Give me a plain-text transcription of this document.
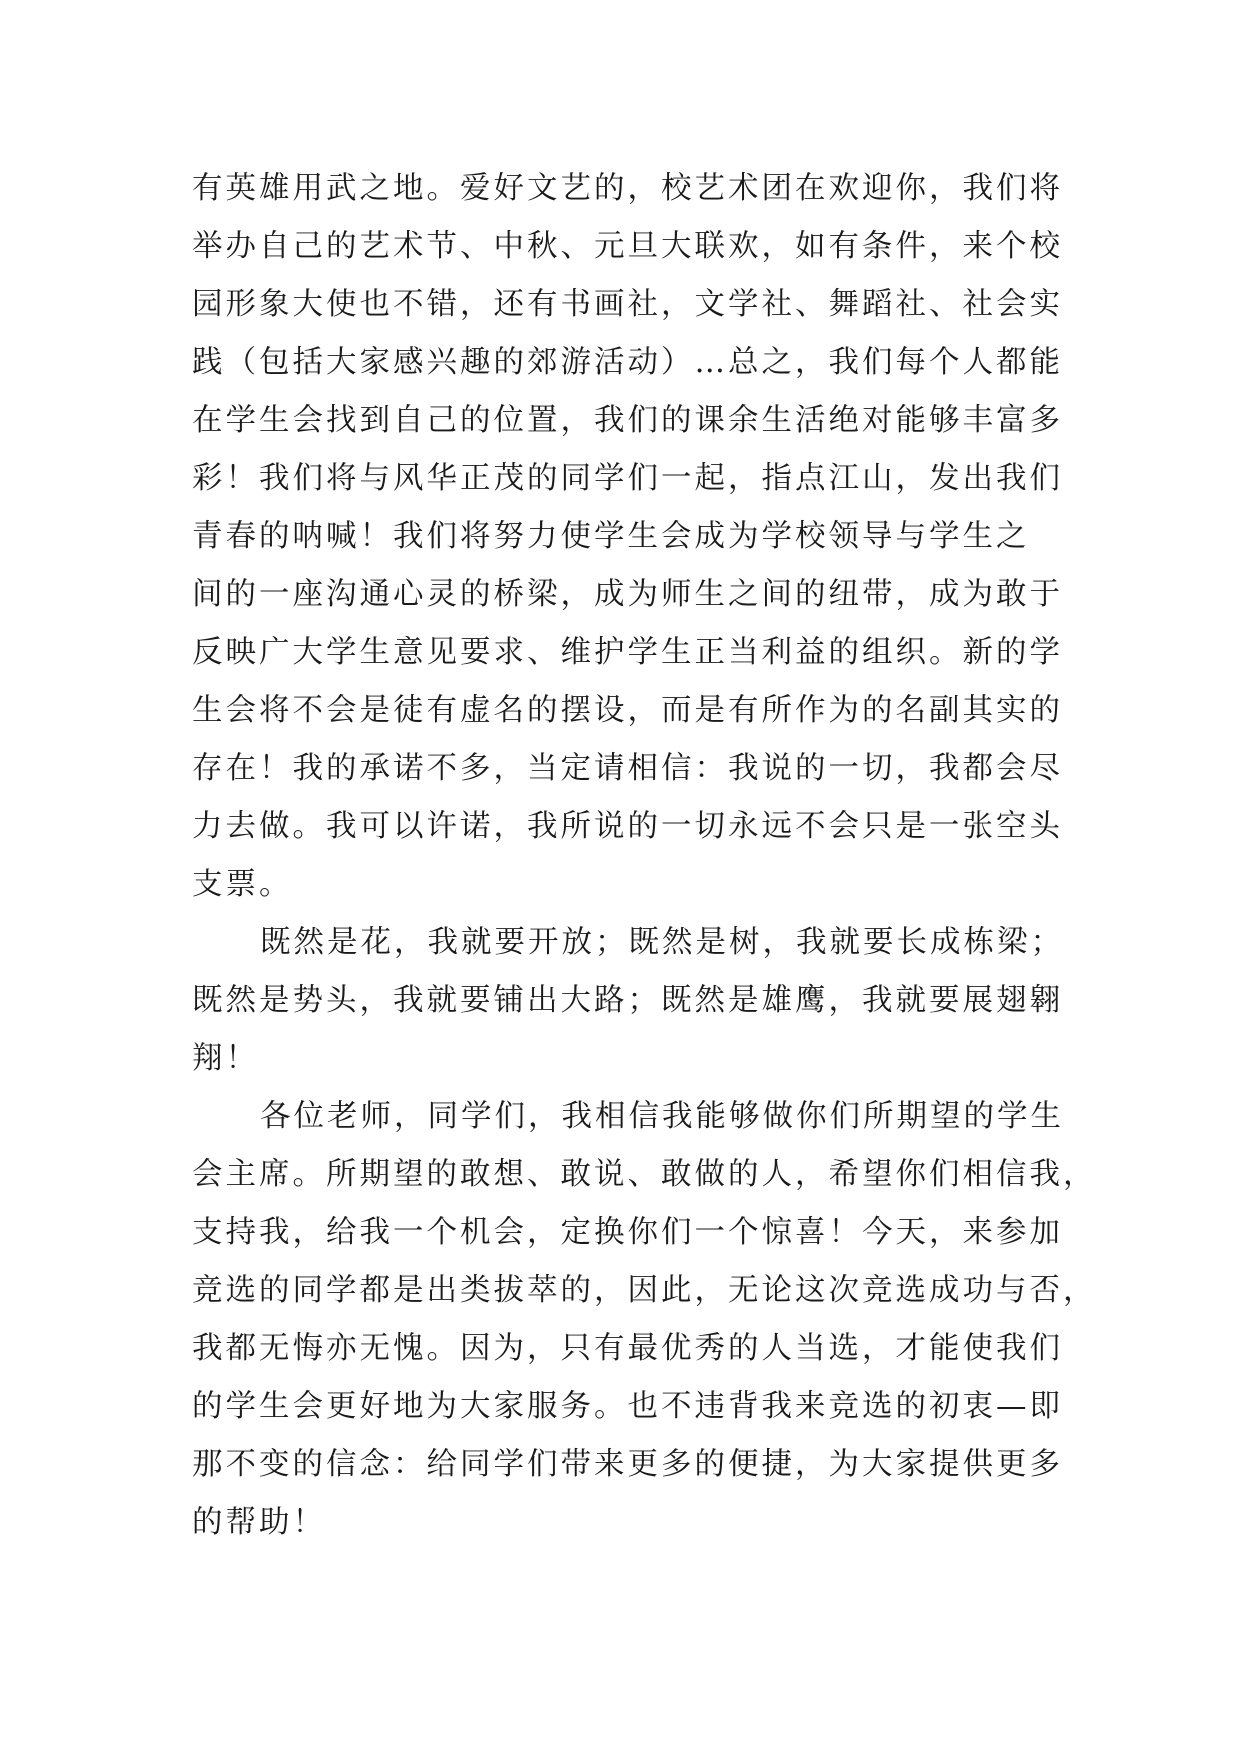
有英雄用武之地。爱好文艺的，校艺术团在欢迎你，我们将
举办自己的艺术节、中秋、元旦大联欢，如有条件，来个校
园形象大使也不错，还有书画社，文学社、舞蹈社、社会实
践（包括大家感兴趣的郊游活动）…总之，我们每个人都能
在学生会找到自己的位置，我们的课余生活绝对能够丰富多
彩！我们将与风华正茂的同学们一起，指点江山，发出我们
青春的呐喊！我们将努力使学生会成为学校领导与学生之
间的一座沟通心灵的桥梁，成为师生之间的纽带，成为敢于
反映广大学生意见要求、维护学生正当利益的组织。新的学
生会将不会是徒有虚名的摆设，而是有所作为的名副其实的
存在！我的承诺不多，当定请相信：我说的一切，我都会尽
力去做。我可以许诺，我所说的一切永远不会只是一张空头
支票。
既然是花，我就要开放；既然是树，我就要长成栋梁；
既然是势头，我就要铺出大路；既然是雄鹰，我就要展翅翱
翔！
各位老师，同学们，我相信我能够做你们所期望的学生
会主席。所期望的敢想、敢说、敢做的人，希望你们相信我，
支持我，给我一个机会，定换你们一个惊喜！今天，来参加
竞选的同学都是出类拔萃的，因此，无论这次竞选成功与否，
我都无悔亦无愧。因为，只有最优秀的人当选，才能使我们
的学生会更好地为大家服务。也不违背我来竞选的初衷—即
那不变的信念：给同学们带来更多的便捷，为大家提供更多
的帮助！
